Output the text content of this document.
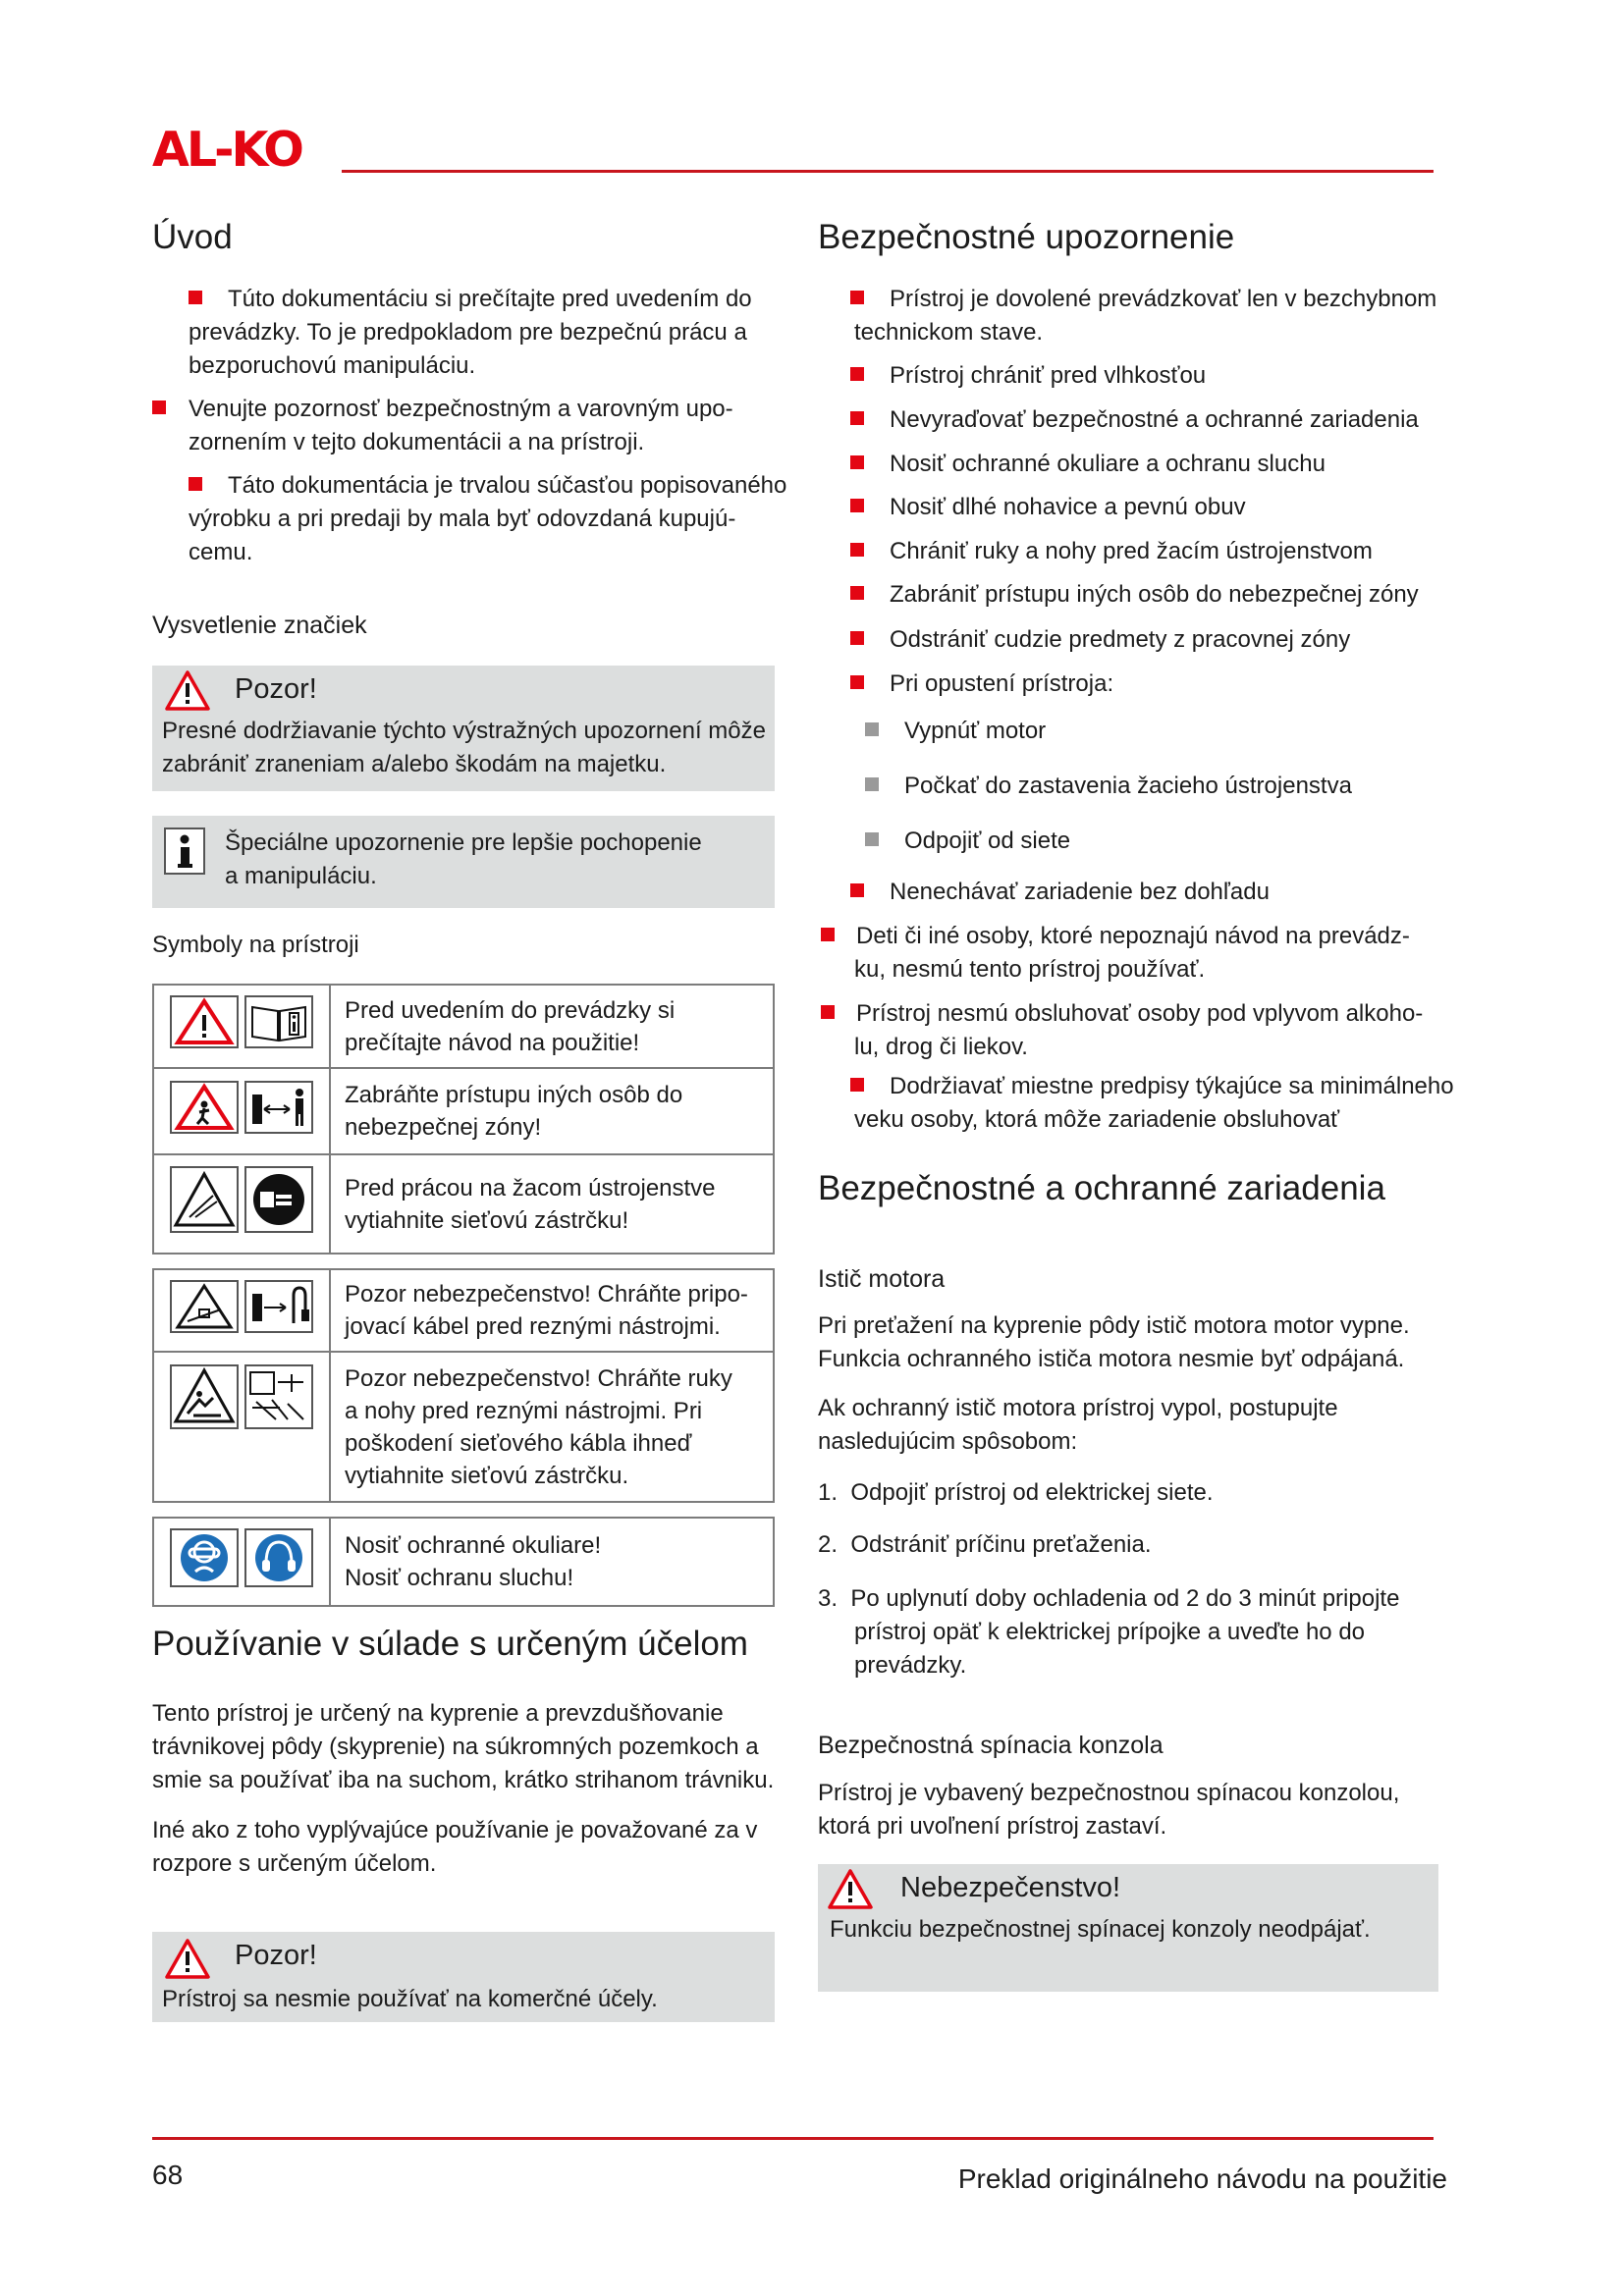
AL-KO
Úvod
Túto dokumentáciu si prečítajte pred uvedením do
prevádzky. To je predpokladom pre bezpečnú prácu a
bezporuchovú manipuláciu.
Venujte pozornosť bezpečnostným a varovným upo-
zornením v tejto dokumentácii a na prístroji.
Táto dokumentácia je trvalou súčasťou popisovaného
výrobku a pri predaji by mala byť odovzdaná kupujú-
cemu.
Vysvetlenie značiek
Pozor!
Presné dodržiavanie týchto výstražných upozornení môže
zabrániť zraneniam a/alebo škodám na majetku.
Špeciálne upozornenie pre lepšie pochopenie
a manipuláciu.
Symboly na prístroji

Pred uvedením do prevádzky si
prečítajte návod na použitie!

Zabráňte prístupu iných osôb do
nebezpečnej zóny!

Pred prácou na žacom ústrojenstve
vytiahnite sieťovú zástrčku!

Pozor nebezpečenstvo! Chráňte pripo-
jovací kábel pred reznými nástrojmi.

Pozor nebezpečenstvo! Chráňte ruky
a nohy pred reznými nástrojmi. Pri
poškodení sieťového kábla ihneď
vytiahnite sieťovú zástrčku.

Nosiť ochranné okuliare!
Nosiť ochranu sluchu!
Používanie v súlade s určeným účelom
Tento prístroj je určený na kyprenie a prevzdušňovanie
trávnikovej pôdy (skyprenie) na súkromných pozemkoch a
smie sa používať iba na suchom, krátko strihanom trávniku.
Iné ako z toho vyplývajúce používanie je považované za v
rozpore s určeným účelom.
Pozor!
Prístroj sa nesmie používať na komerčné účely.
Bezpečnostné upozornenie
Prístroj je dovolené prevádzkovať len v bezchybnom
technickom stave.
Prístroj chrániť pred vlhkosťou
Nevyraďovať bezpečnostné a ochranné zariadenia
Nosiť ochranné okuliare a ochranu sluchu
Nosiť dlhé nohavice a pevnú obuv
Chrániť ruky a nohy pred žacím ústrojenstvom
Zabrániť prístupu iných osôb do nebezpečnej zóny
Odstrániť cudzie predmety z pracovnej zóny
Pri opustení prístroja:
Vypnúť motor
Počkať do zastavenia žacieho ústrojenstva
Odpojiť od siete
Nenechávať zariadenie bez dohľadu
Deti či iné osoby, ktoré nepoznajú návod na prevádz-
ku, nesmú tento prístroj používať.
Prístroj nesmú obsluhovať osoby pod vplyvom alkoho-
lu, drog či liekov.
Dodržiavať miestne predpisy týkajúce sa minimálneho
veku osoby, ktorá môže zariadenie obsluhovať
Bezpečnostné a ochranné zariadenia
Istič motora
Pri preťažení na kyprenie pôdy istič motora motor vypne.
Funkcia ochranného ističa motora nesmie byť odpájaná.
Ak ochranný istič motora prístroj vypol, postupujte
nasledujúcim spôsobom:
1. Odpojiť prístroj od elektrickej siete.
2. Odstrániť príčinu preťaženia.
3. Po uplynutí doby ochladenia od 2 do 3 minút pripojte
prístroj opäť k elektrickej prípojke a uveďte ho do
prevádzky.
Bezpečnostná spínacia konzola
Prístroj je vybavený bezpečnostnou spínacou konzolou,
ktorá pri uvoľnení prístroj zastaví.
Nebezpečenstvo!
Funkciu bezpečnostnej spínacej konzoly neodpájať.
68	Preklad originálneho návodu na použitie
